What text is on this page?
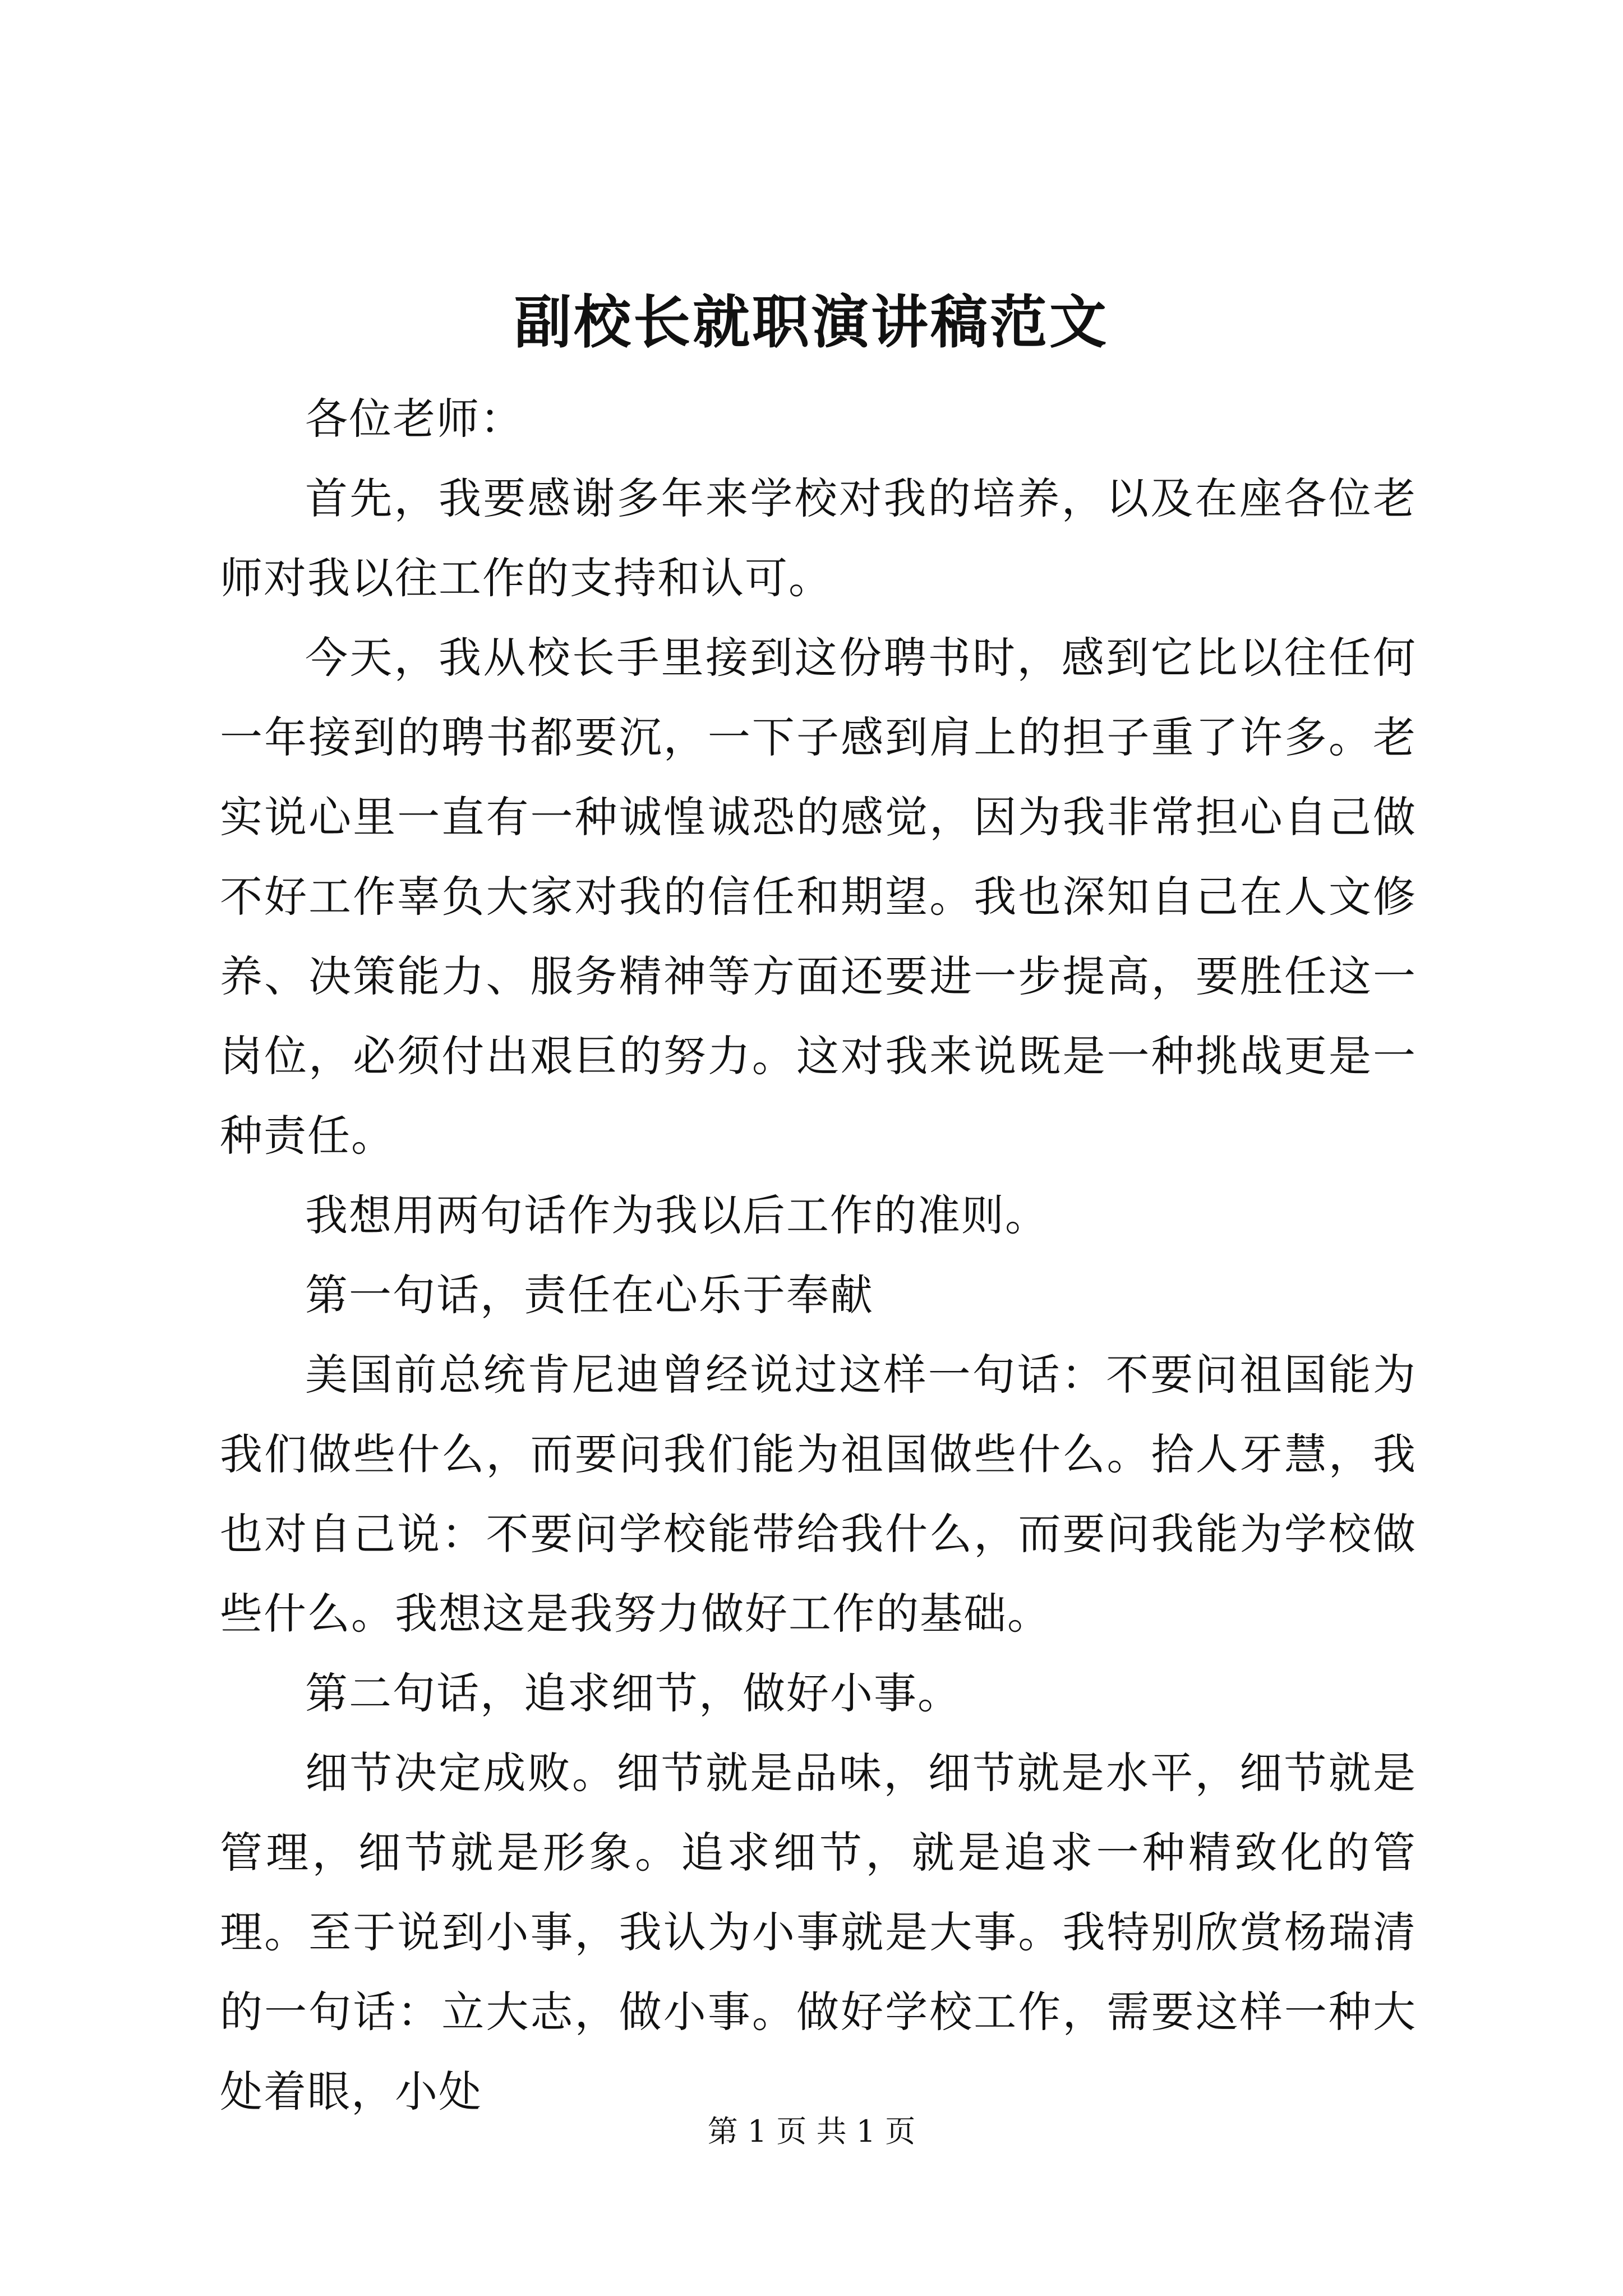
副校长就职演讲稿范文

各位老师：

首先，我要感谢多年来学校对我的培养，以及在座各位老师对我以往工作的支持和认可。

今天，我从校长手里接到这份聘书时，感到它比以往任何一年接到的聘书都要沉，一下子感到肩上的担子重了许多。老实说心里一直有一种诚惶诚恐的感觉，因为我非常担心自己做不好工作辜负大家对我的信任和期望。我也深知自己在人文修养、决策能力、服务精神等方面还要进一步提高，要胜任这一岗位，必须付出艰巨的努力。这对我来说既是一种挑战更是一种责任。

我想用两句话作为我以后工作的准则。

第一句话，责任在心乐于奉献

美国前总统肯尼迪曾经说过这样一句话：不要问祖国能为我们做些什么，而要问我们能为祖国做些什么。拾人牙慧，我也对自己说：不要问学校能带给我什么，而要问我能为学校做些什么。我想这是我努力做好工作的基础。

第二句话，追求细节，做好小事。

细节决定成败。细节就是品味，细节就是水平，细节就是管理，细节就是形象。追求细节，就是追求一种精致化的管理。至于说到小事，我认为小事就是大事。我特别欣赏杨瑞清的一句话：立大志，做小事。做好学校工作，需要这样一种大处着眼，小处

第 1 页 共 1 页
